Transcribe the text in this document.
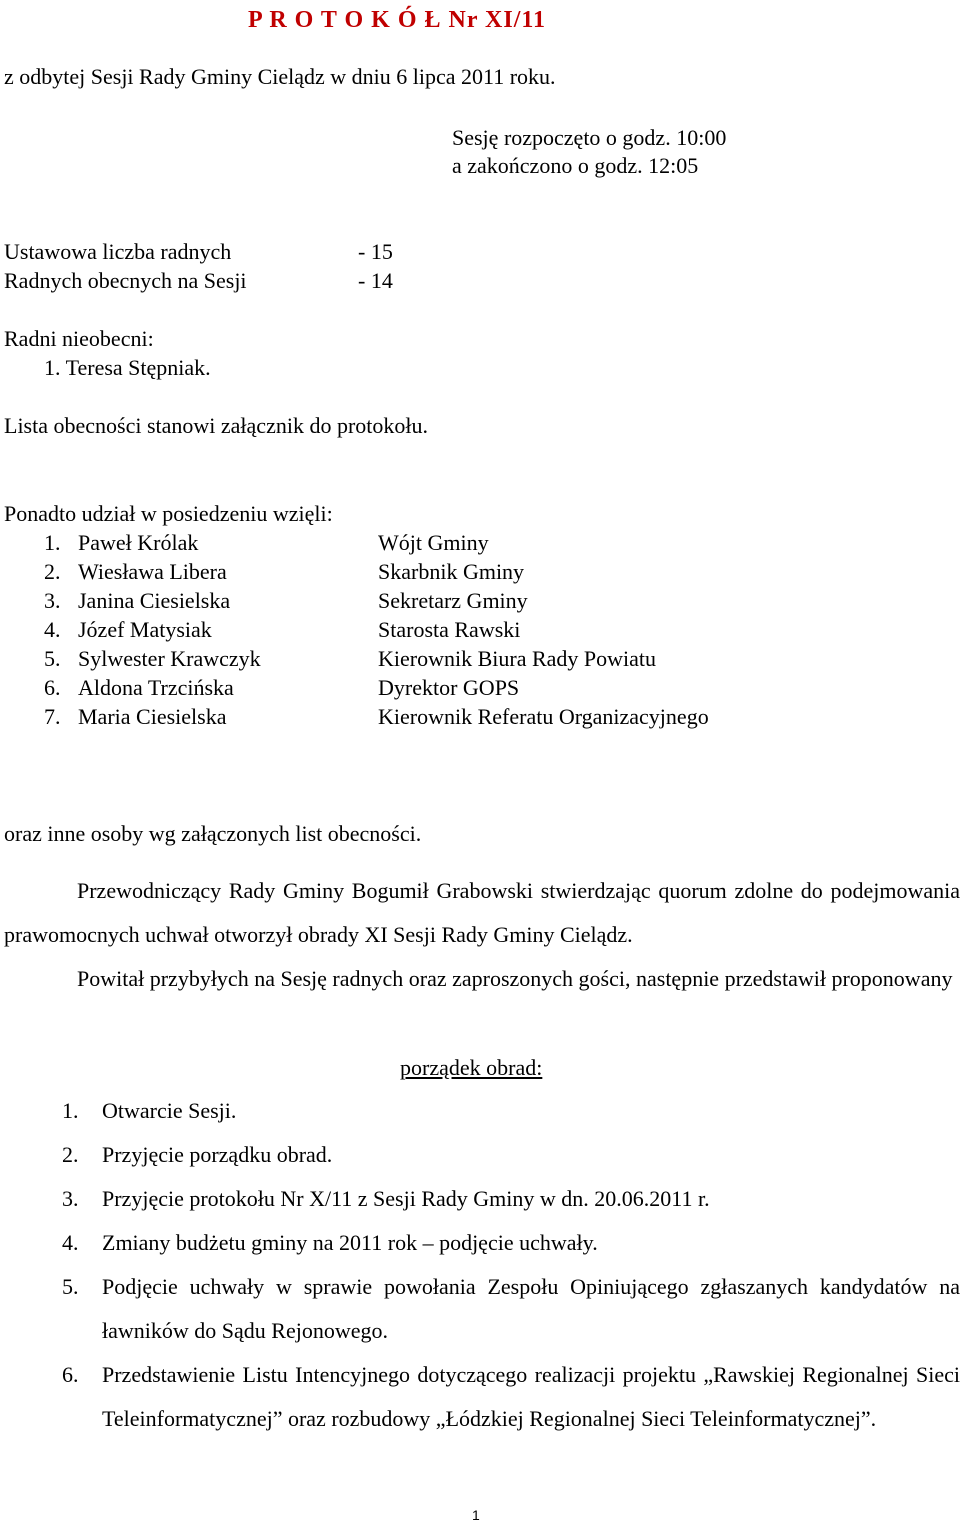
P R O T O K Ó Ł Nr XI/11
z odbytej Sesji Rady Gminy Cielądz w dniu 6 lipca 2011 roku.
Sesję rozpoczęto o godz. 10:00
a zakończono o godz. 12:05
Ustawowa liczba radnych	- 15
Radnych obecnych na Sesji	- 14
Radni nieobecni:
1. Teresa Stępniak.
Lista obecności stanowi załącznik do protokołu.
Ponadto udział w posiedzeniu wzięli:
1. Paweł Królak	Wójt Gminy
2. Wiesława Libera	Skarbnik Gminy
3. Janina Ciesielska	Sekretarz Gminy
4. Józef Matysiak	Starosta Rawski
5. Sylwester Krawczyk	Kierownik Biura Rady Powiatu
6. Aldona Trzcińska	Dyrektor GOPS
7. Maria Ciesielska	Kierownik Referatu Organizacyjnego
oraz inne osoby wg załączonych list obecności.
Przewodniczący Rady Gminy Bogumił Grabowski stwierdzając quorum zdolne do podejmowania prawomocnych uchwał otworzył obrady XI Sesji Rady Gminy Cielądz.
Powitał przybyłych na Sesję radnych oraz zaproszonych gości, następnie przedstawił proponowany
porządek obrad:
1.	Otwarcie Sesji.
2.	Przyjęcie porządku obrad.
3.	Przyjęcie protokołu Nr X/11 z Sesji Rady Gminy w dn. 20.06.2011 r.
4.	Zmiany budżetu gminy na 2011 rok – podjęcie uchwały.
5.	Podjęcie uchwały w sprawie powołania Zespołu Opiniującego zgłaszanych kandydatów na ławników do Sądu Rejonowego.
6.	Przedstawienie Listu Intencyjnego dotyczącego realizacji projektu „Rawskiej Regionalnej Sieci Teleinformatycznej” oraz rozbudowy „Łódzkiej Regionalnej Sieci Teleinformatycznej”.
1
